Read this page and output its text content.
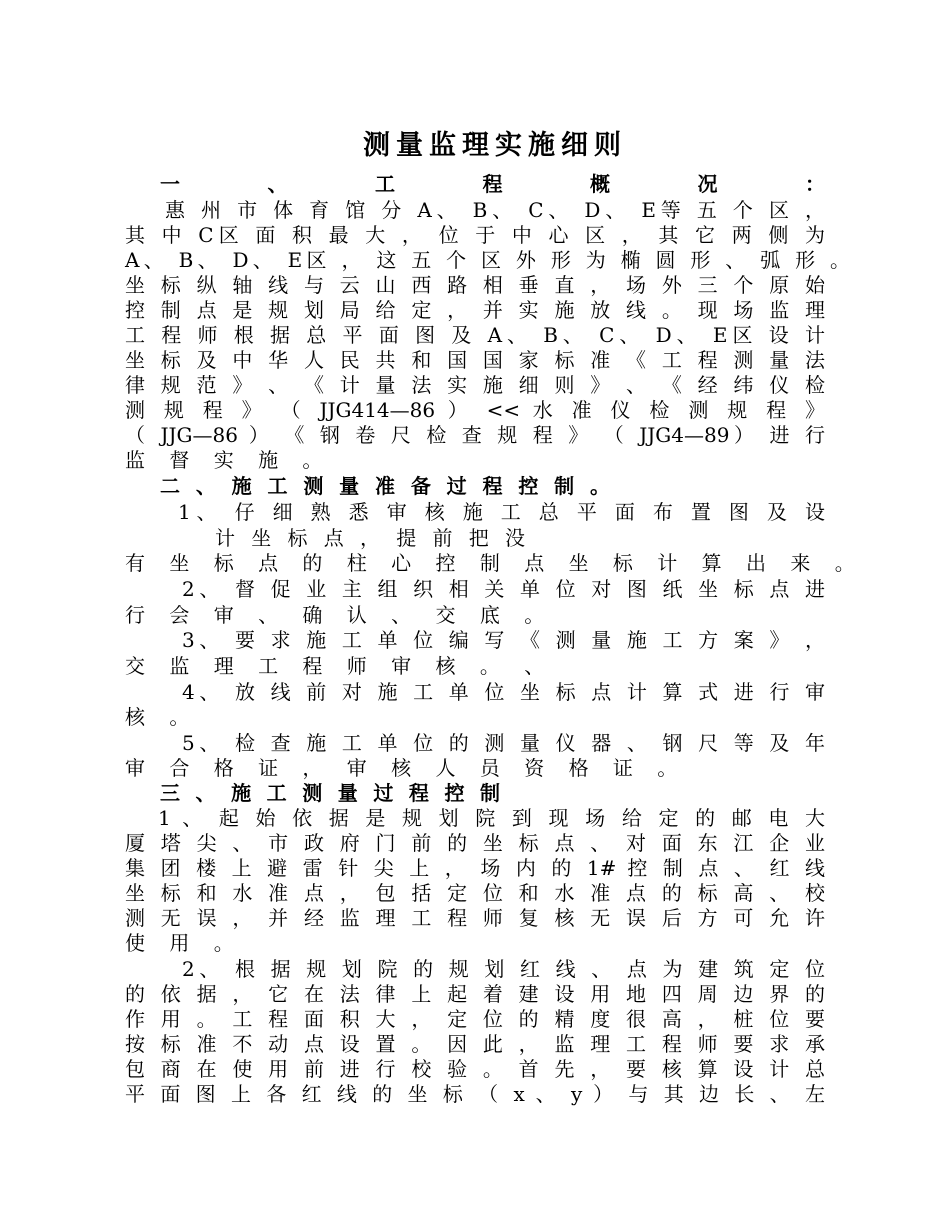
测量监理实施细则
一 、 工 程 概 况 ：
惠 州 市 体 育 馆 分 A、 B、 C、 D、 E等 五 个 区 ，
其 中 C区 面 积 最 大 ， 位 于 中 心 区 ， 其 它 两 侧 为
A、 B、 D、 E区 ， 这 五 个 区 外 形 为 椭 圆 形 、 弧 形 。
坐 标 纵 轴 线 与 云 山 西 路 相 垂 直 ， 场 外 三 个 原 始
控 制 点 是 规 划 局 给 定 ， 并 实 施 放 线 。 现 场 监 理
工 程 师 根 据 总 平 面 图 及 A、 B、 C、 D、 E区 设 计
坐 标 及 中 华 人 民 共 和 国 国 家 标 准 《 工 程 测 量 法
律 规 范 》 、 《 计 量 法 实 施 细 则 》 、 《 经 纬 仪 检
测 规 程 》 （ JJG414—86 ） << 水 准 仪 检 测 规 程 》
（ JJG—86 ） 《 钢 卷 尺 检 查 规 程 》 （ JJG4—89） 进 行
监 督 实 施 。
二 、 施 工 测 量 准 备 过 程 控 制 。
1、 仔 细 熟 悉 审 核 施 工 总 平 面 布 置 图 及 设
计 坐 标 点 ， 提 前 把 没
有 坐 标 点 的 柱 心 控 制 点 坐 标 计 算 出 来 。
2、 督 促 业 主 组 织 相 关 单 位 对 图 纸 坐 标 点 进
行 会 审 、 确 认 、 交 底 。
3、 要 求 施 工 单 位 编 写 《 测 量 施 工 方 案 》 ，
交 监 理 工 程 师 审 核 。 、
4、 放 线 前 对 施 工 单 位 坐 标 点 计 算 式 进 行 审
核 。
5、 检 查 施 工 单 位 的 测 量 仪 器 、 钢 尺 等 及 年
审 合 格 证 ， 审 核 人 员 资 格 证 。
三 、 施 工 测 量 过 程 控 制
1 、 起 始 依 据 是 规 划 院 到 现 场 给 定 的 邮 电 大
厦 塔 尖 、 市 政 府 门 前 的 坐 标 点 、 对 面 东 江 企 业
集 团 楼 上 避 雷 针 尖 上 ， 场 内 的 1# 控 制 点 、 红 线
坐 标 和 水 准 点 ， 包 括 定 位 和 水 准 点 的 标 高 、 校
测 无 误 ， 并 经 监 理 工 程 师 复 核 无 误 后 方 可 允 许
使 用 。
2、 根 据 规 划 院 的 规 划 红 线 、 点 为 建 筑 定 位
的 依 据 ， 它 在 法 律 上 起 着 建 设 用 地 四 周 边 界 的
作 用 。 工 程 面 积 大 ， 定 位 的 精 度 很 高 ， 桩 位 要
按 标 准 不 动 点 设 置 。 因 此 ， 监 理 工 程 师 要 求 承
包 商 在 使 用 前 进 行 校 验 。 首 先 ， 要 核 算 设 计 总
平 面 图 上 各 红 线 的 坐 标 （ x 、 y ） 与 其 边 长 、 左
